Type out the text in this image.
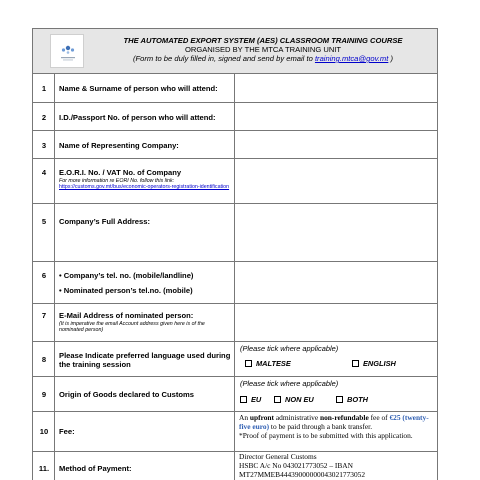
THE AUTOMATED EXPORT SYSTEM (AES) CLASSROOM TRAINING COURSE
ORGANISED BY THE MTCA TRAINING UNIT
(Form to be duly filled in, signed and send by email to training.mtca@gov.mt )
1	Name & Surname of person who will attend:
2	I.D./Passport No. of person who will attend:
3	Name of Representing Company:
4	E.O.R.I. No. / VAT No. of Company
For more information re EORI No. follow this link:
https://customs.gov.mt/bus/economic-operators-registration-identification
5	Company’s Full Address:
6	• Company’s tel. no. (mobile/landline)
• Nominated person’s tel.no. (mobile)
7	E-Mail Address of nominated person:
(It is imperative the email Account address given here is of the nominated person)
8	Please Indicate preferred language used during the training session
(Please tick where applicable)
MALTESE	ENGLISH
9	Origin of Goods declared to Customs
(Please tick where applicable)
EU	NON EU	BOTH
10	Fee:
An upfront administrative non-refundable fee of €25 (twenty-five euro) to be paid through a bank transfer.
*Proof of payment is to be submitted with this application.
11.	Method of Payment:
Director General Customs
HSBC A/c No 043021773052 – IBAN
MT27MMEB44439000000043021773052
